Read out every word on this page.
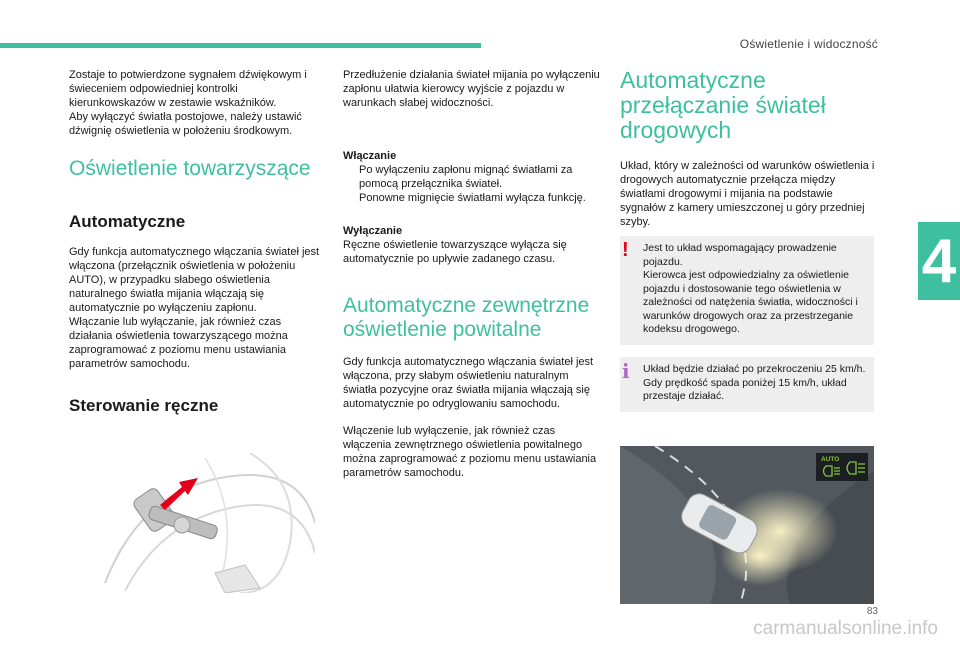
Oświetlenie i widoczność
4

Zostaje to potwierdzone sygnałem dźwiękowym i świeceniem odpowiedniej kontrolki kierunkowskazów w zestawie wskaźników.
Aby wyłączyć światła postojowe, należy ustawić dźwignię oświetlenia w położeniu środkowym.

Oświetlenie towarzyszące
Automatyczne

Gdy funkcja automatycznego włączania świateł jest włączona (przełącznik oświetlenia w położeniu AUTO), w przypadku słabego oświetlenia naturalnego światła mijania włączają się automatycznie po wyłączeniu zapłonu.
Włączanie lub wyłączanie, jak również czas działania oświetlenia towarzyszącego można zaprogramować z poziomu menu ustawiania parametrów samochodu.

Sterowanie ręczne

Przedłużenie działania świateł mijania po wyłączeniu zapłonu ułatwia kierowcy wyjście z pojazdu w warunkach słabej widoczności.

Włączanie

Po wyłączeniu zapłonu mignąć światłami za pomocą przełącznika świateł.
Ponowne mignięcie światłami wyłącza funkcję.

Wyłączanie

Ręczne oświetlenie towarzyszące wyłącza się automatycznie po upływie zadanego czasu.

Automatyczne zewnętrzne oświetlenie powitalne

Gdy funkcja automatycznego włączania świateł jest włączona, przy słabym oświetleniu naturalnym światła pozycyjne oraz światła mijania włączają się automatycznie po odryglowaniu samochodu.

Włączenie lub wyłączenie, jak również czas włączenia zewnętrznego oświetlenia powitalnego można zaprogramować z poziomu menu ustawiania parametrów samochodu.

Automatyczne przełączanie świateł drogowych

Układ, który w zależności od warunków oświetlenia i drogowych automatycznie przełącza między światłami drogowymi i mijania na podstawie sygnałów z kamery umieszczonej u góry przedniej szyby.

!	Jest to układ wspomagający prowadzenie pojazdu.
Kierowca jest odpowiedzialny za oświetlenie pojazdu i dostosowanie tego oświetlenia w zależności od natężenia światła, widoczności i warunków drogowych oraz za przestrzeganie kodeksu drogowego.
i	Układ będzie działać po przekroczeniu 25 km/h.
Gdy prędkość spada poniżej 15 km/h, układ przestaje działać.
AUTO
83
carmanualsonline.info
